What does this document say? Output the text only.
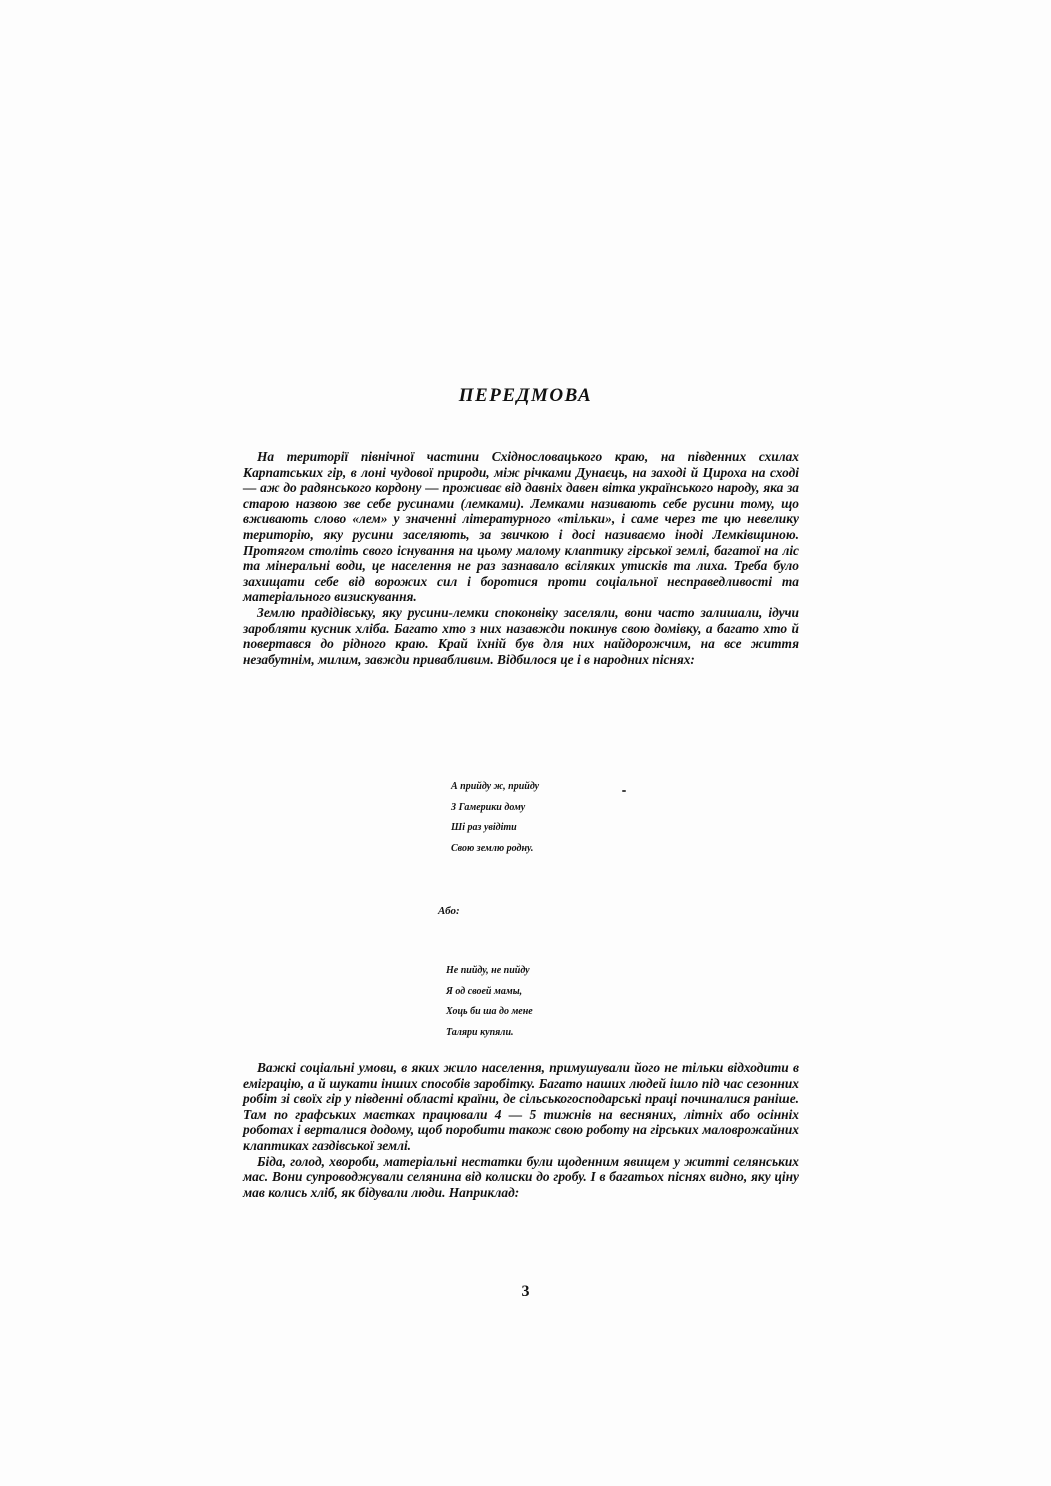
ПЕРЕДМОВА

На території північної частини Східнословацького краю, на південних схилах Карпатських гір, в лоні чудової природи, між річками Дунаєць, на заході й Цироха на сході — аж до радянського кордону — проживає від давніх давен вітка українського народу, яка за старою назвою зве себе русинами (лемками). Лемками називають себе русини тому, що вживають слово «лем» у значенні літературного «тільки», і саме через те цю невелику територію, яку русини заселяють, за звичкою і досі називаємо іноді Лемківщиною. Протягом століть свого існування на цьому малому клаптику гірської землі, багатої на ліс та мінеральні води, це населення не раз зазнавало всіляких утисків та лиха. Треба було захищати себе від ворожих сил і боротися проти соціальної несправедливості та матеріального визискування.

Землю прадідівську, яку русини-лемки споконвіку заселяли, вони часто залишали, ідучи заробляти кусник хліба. Багато хто з них назавжди покинув свою домівку, а багато хто й повертався до рідного краю. Край їхній був для них найдорожчим, на все життя незабутнім, милим, завжди привабливим. Відбилося це і в народних піснях:

А прийду ж, прийду
З Гамерики дому
Ші раз увідіти
Свою землю родну.
Або:
Не пийду, не пийду
Я од своей мамы,
Хоць би ша до мене
Таляри купяли.

Важкі соціальні умови, в яких жило населення, примушували його не тільки відходити в еміграцію, а й шукати інших способів заробітку. Багато наших людей ішло під час сезонних робіт зі своїх гір у південні області країни, де сільськогосподарські праці починалися раніше. Там по графських маєтках працювали 4 — 5 тижнів на весняних, літніх або осінніх роботах і верталися додому, щоб поробити також свою роботу на гірських маловрожайних клаптиках газдівської землі.

Біда, голод, хвороби, матеріальні нестатки були щоденним явищем у житті селянських мас. Вони супроводжували селянина від колиски до гробу. І в багатьох піснях видно, яку ціну мав колись хліб, як бідували люди. Наприклад:

3
